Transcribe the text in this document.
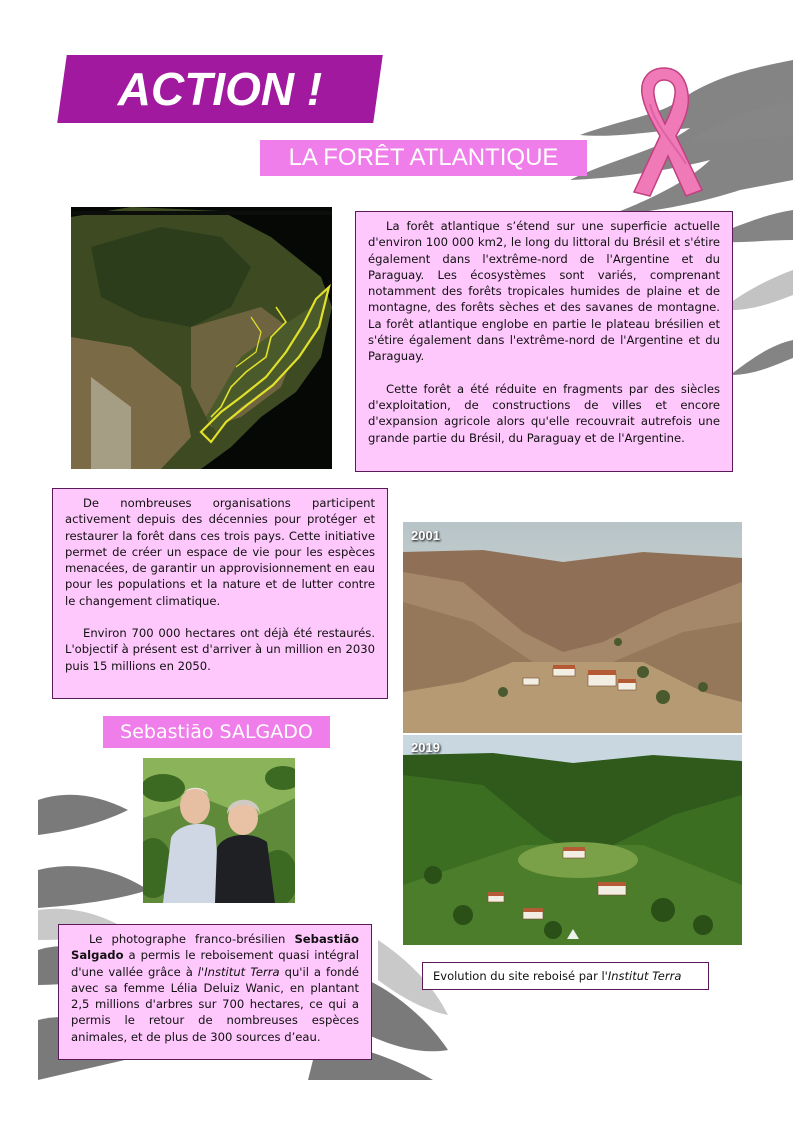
ACTION !
LA FORÊT ATLANTIQUE

La forêt atlantique s’étend sur une superficie actuelle d'environ 100 000 km2, le long du littoral du Brésil et s'étire également dans l'extrême-nord de l'Argentine et du Paraguay. Les écosystèmes sont variés, comprenant notamment des forêts tropicales humides de plaine et de montagne, des forêts sèches et des savanes de montagne. La forêt atlantique englobe en partie le plateau brésilien et s'étire également dans l'extrême-nord de l'Argentine et du Paraguay.

Cette forêt a été réduite en fragments par des siècles d'exploitation, de constructions de villes et encore d'expansion agricole alors qu'elle recouvrait autrefois une grande partie du Brésil, du Paraguay et de l'Argentine.

De nombreuses organisations participent activement depuis des décennies pour protéger et restaurer la forêt dans ces trois pays. Cette initiative permet de créer un espace de vie pour les espèces menacées, de garantir un approvisionnement en eau pour les populations et la nature et de lutter contre le changement climatique.

Environ 700 000 hectares ont déjà été restaurés. L'objectif à présent est d'arriver à un million en 2030 puis 15 millions en 2050.

2001
2019
Evolution du site reboisé par l'Institut Terra
Sebastiāo SALGADO

Le photographe franco-brésilien Sebastião Salgado a permis le reboisement quasi intégral d'une vallée grâce à l'Institut Terra qu'il a fondé avec sa femme Lélia Deluiz Wanic, en plantant 2,5 millions d'arbres sur 700 hectares, ce qui a permis le retour de nombreuses espèces animales, et de plus de 300 sources d’eau.
